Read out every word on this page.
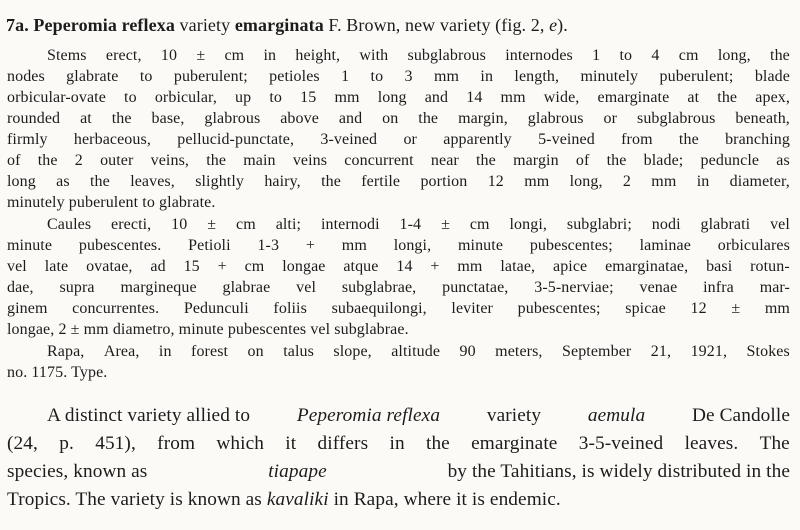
7a. Peperomia reflexa variety emarginata F. Brown, new variety (fig. 2, e).
Stems erect, 10 ± cm in height, with subglabrous internodes 1 to 4 cm long, the
nodes glabrate to puberulent; petioles 1 to 3 mm in length, minutely puberulent; blade
orbicular-ovate to orbicular, up to 15 mm long and 14 mm wide, emarginate at the apex,
rounded at the base, glabrous above and on the margin, glabrous or subglabrous beneath,
firmly herbaceous, pellucid-punctate, 3-veined or apparently 5-veined from the branching
of the 2 outer veins, the main veins concurrent near the margin of the blade; peduncle as
long as the leaves, slightly hairy, the fertile portion 12 mm long, 2 mm in diameter,
minutely puberulent to glabrate.
Caules erecti, 10 ± cm alti; internodi 1-4 ± cm longi, subglabri; nodi glabrati vel
minute pubescentes. Petioli 1-3 + mm longi, minute pubescentes; laminae orbiculares
vel late ovatae, ad 15 + cm longae atque 14 + mm latae, apice emarginatae, basi rotun-
dae, supra margineque glabrae vel subglabrae, punctatae, 3-5-nerviae; venae infra mar-
ginem concurrentes. Pedunculi foliis subaequilongi, leviter pubescentes; spicae 12 ± mm
longae, 2 ± mm diametro, minute pubescentes vel subglabrae.
Rapa, Area, in forest on talus slope, altitude 90 meters, September 21, 1921, Stokes
no. 1175. Type.
A distinct variety allied to Peperomia reflexa variety aemula De Candolle
(24, p. 451), from which it differs in the emarginate 3-5-veined leaves. The
species, known as	tiapape	by the Tahitians, is widely distributed in the
Tropics. The variety is known as kavaliki in Rapa, where it is endemic.
